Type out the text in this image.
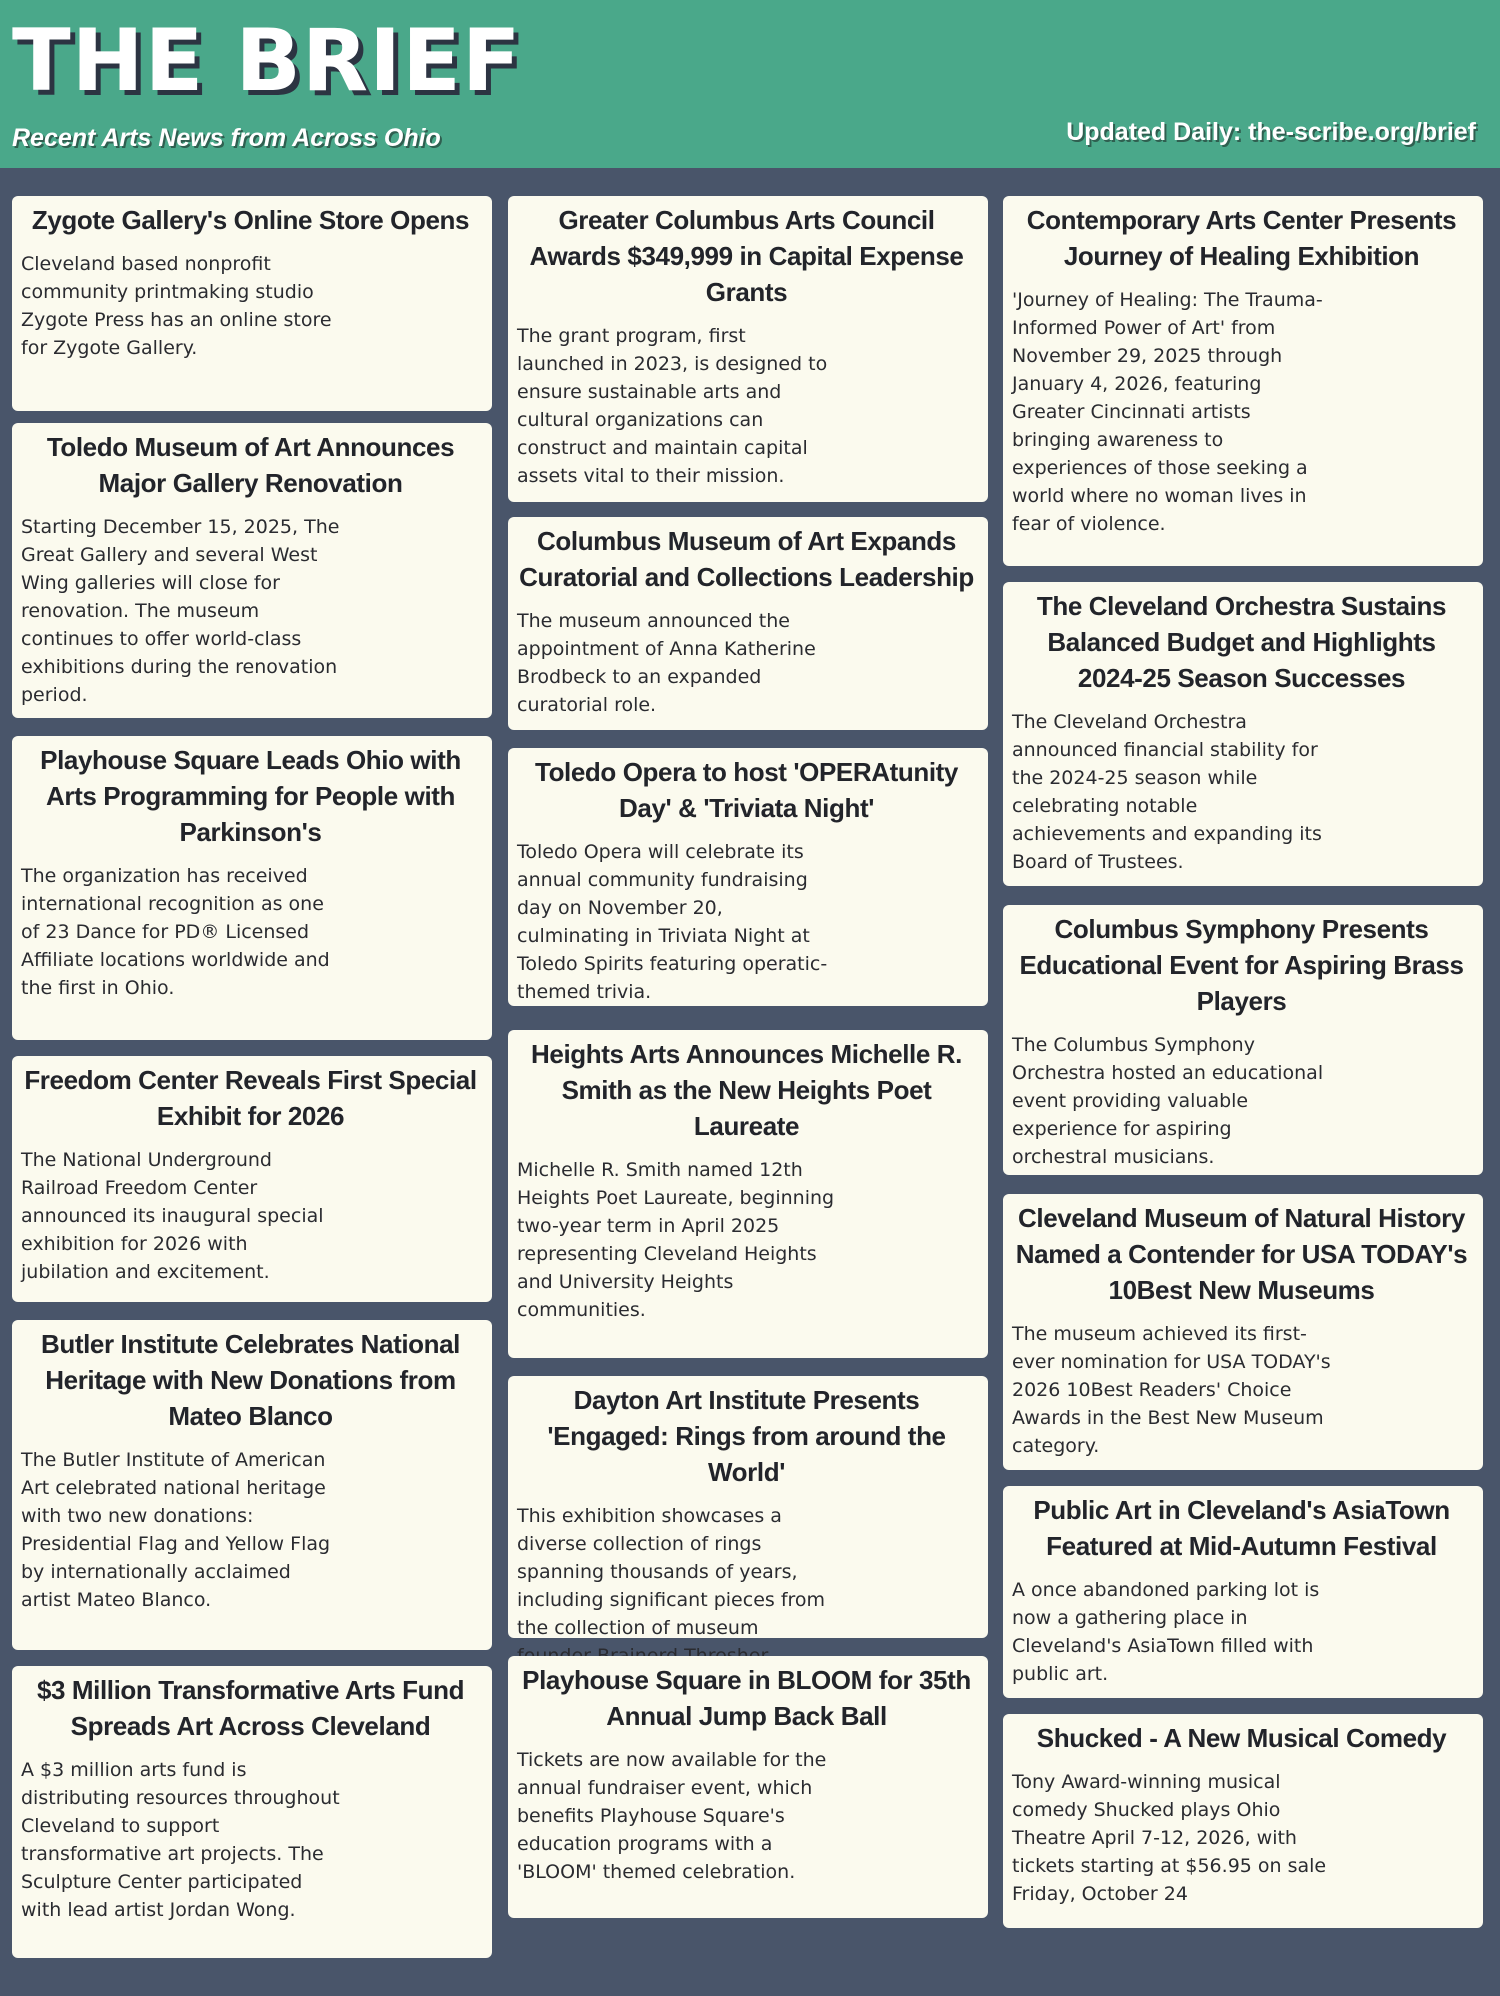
THE BRIEF
Recent Arts News from Across Ohio	Updated Daily: the-scribe.org/brief
Zygote Gallery's Online Store Opens

Cleveland based nonprofit community printmaking studio Zygote Press has an online store for Zygote Gallery.

Toledo Museum of Art Announces Major Gallery Renovation

Starting December 15, 2025, The Great Gallery and several West Wing galleries will close for renovation. The museum continues to offer world-class exhibitions during the renovation period.

Playhouse Square Leads Ohio with Arts Programming for People with Parkinson's

The organization has received international recognition as one of 23 Dance for PD® Licensed Affiliate locations worldwide and the first in Ohio.

Freedom Center Reveals First Special Exhibit for 2026

The National Underground Railroad Freedom Center announced its inaugural special exhibition for 2026 with jubilation and excitement.

Butler Institute Celebrates National Heritage with New Donations from Mateo Blanco

The Butler Institute of American Art celebrated national heritage with two new donations: Presidential Flag and Yellow Flag by internationally acclaimed artist Mateo Blanco.

$3 Million Transformative Arts Fund Spreads Art Across Cleveland

A $3 million arts fund is distributing resources throughout Cleveland to support transformative art projects. The Sculpture Center participated with lead artist Jordan Wong.

Greater Columbus Arts Council Awards $349,999 in Capital Expense Grants

The grant program, first launched in 2023, is designed to ensure sustainable arts and cultural organizations can construct and maintain capital assets vital to their mission.

Columbus Museum of Art Expands Curatorial and Collections Leadership

The museum announced the appointment of Anna Katherine Brodbeck to an expanded curatorial role.

Toledo Opera to host 'OPERAtunity Day' & 'Triviata Night'

Toledo Opera will celebrate its annual community fundraising day on November 20, culminating in Triviata Night at Toledo Spirits featuring operatic-themed trivia.

Heights Arts Announces Michelle R. Smith as the New Heights Poet Laureate

Michelle R. Smith named 12th Heights Poet Laureate, beginning two-year term in April 2025 representing Cleveland Heights and University Heights communities.

Dayton Art Institute Presents 'Engaged: Rings from around the World'

This exhibition showcases a diverse collection of rings spanning thousands of years, including significant pieces from the collection of museum

Playhouse Square in BLOOM for 35th Annual Jump Back Ball

Tickets are now available for the annual fundraiser event, which benefits Playhouse Square's education programs with a 'BLOOM' themed celebration.

Contemporary Arts Center Presents Journey of Healing Exhibition

'Journey of Healing: The Trauma-Informed Power of Art' from November 29, 2025 through January 4, 2026, featuring Greater Cincinnati artists bringing awareness to experiences of those seeking a world where no woman lives in fear of violence.

The Cleveland Orchestra Sustains Balanced Budget and Highlights 2024-25 Season Successes

The Cleveland Orchestra announced financial stability for the 2024-25 season while celebrating notable achievements and expanding its Board of Trustees.

Columbus Symphony Presents Educational Event for Aspiring Brass Players

The Columbus Symphony Orchestra hosted an educational event providing valuable experience for aspiring orchestral musicians.

Cleveland Museum of Natural History Named a Contender for USA TODAY's 10Best New Museums

The museum achieved its first-ever nomination for USA TODAY's 2026 10Best Readers' Choice Awards in the Best New Museum category.

Public Art in Cleveland's AsiaTown Featured at Mid-Autumn Festival

A once abandoned parking lot is now a gathering place in Cleveland's AsiaTown filled with public art.

Shucked - A New Musical Comedy

Tony Award-winning musical comedy Shucked plays Ohio Theatre April 7-12, 2026, with tickets starting at $56.95 on sale Friday, October 24
